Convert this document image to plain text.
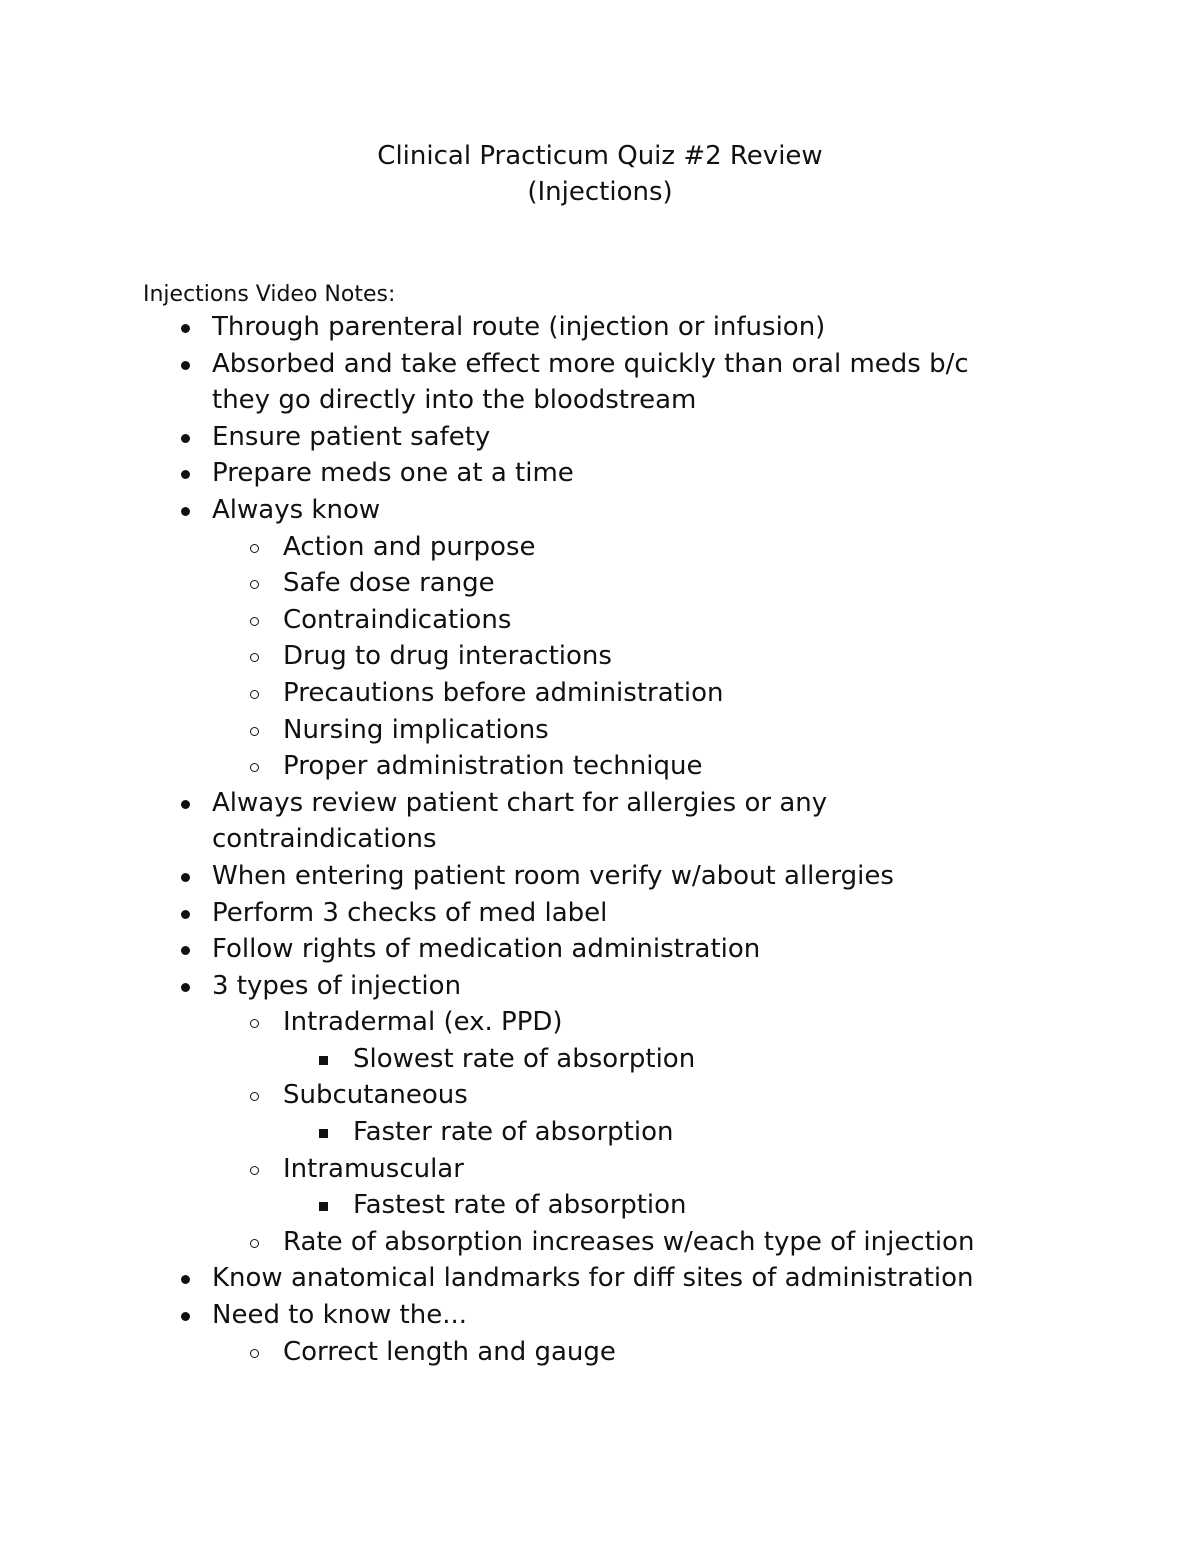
Clinical Practicum Quiz #2 Review
(Injections)
Injections Video Notes:
Through parenteral route (injection or infusion)
Absorbed and take effect more quickly than oral meds b/c
they go directly into the bloodstream
Ensure patient safety
Prepare meds one at a time
Always know
Action and purpose
Safe dose range
Contraindications
Drug to drug interactions
Precautions before administration
Nursing implications
Proper administration technique
Always review patient chart for allergies or any
contraindications
When entering patient room verify w/about allergies
Perform 3 checks of med label
Follow rights of medication administration
3 types of injection
Intradermal (ex. PPD)
Slowest rate of absorption
Subcutaneous
Faster rate of absorption
Intramuscular
Fastest rate of absorption
Rate of absorption increases w/each type of injection
Know anatomical landmarks for diff sites of administration
Need to know the...
Correct length and gauge
